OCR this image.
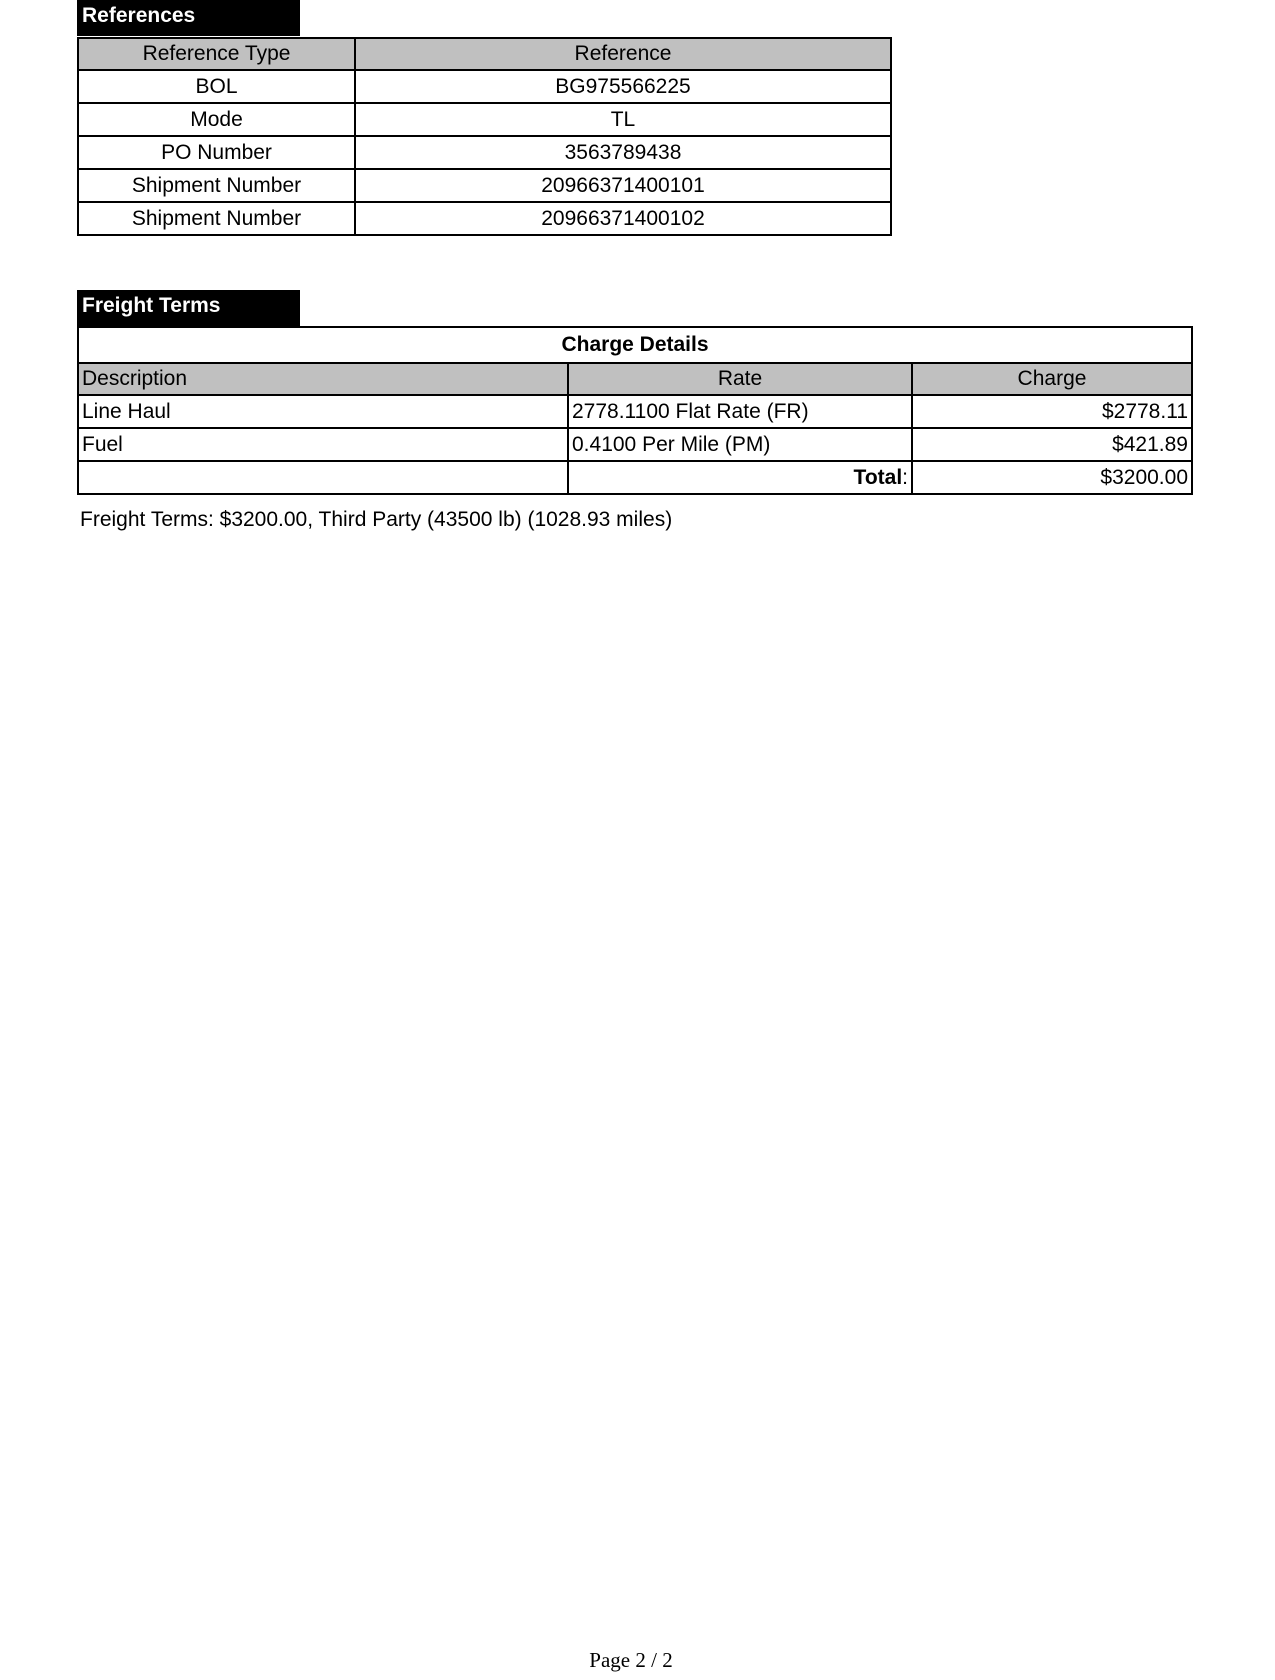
References
Reference Type	Reference
BOL	BG975566225
Mode	TL
PO Number	3563789438
Shipment Number	20966371400101
Shipment Number	20966371400102
Freight Terms
Charge Details		
Description	Rate	Charge
Line Haul	2778.1100 Flat Rate (FR)	$2778.11
Fuel	0.4100 Per Mile (PM)	$421.89
	Total:	$3200.00
Freight Terms: $3200.00, Third Party (43500 lb) (1028.93 miles)
Page 2 / 2
